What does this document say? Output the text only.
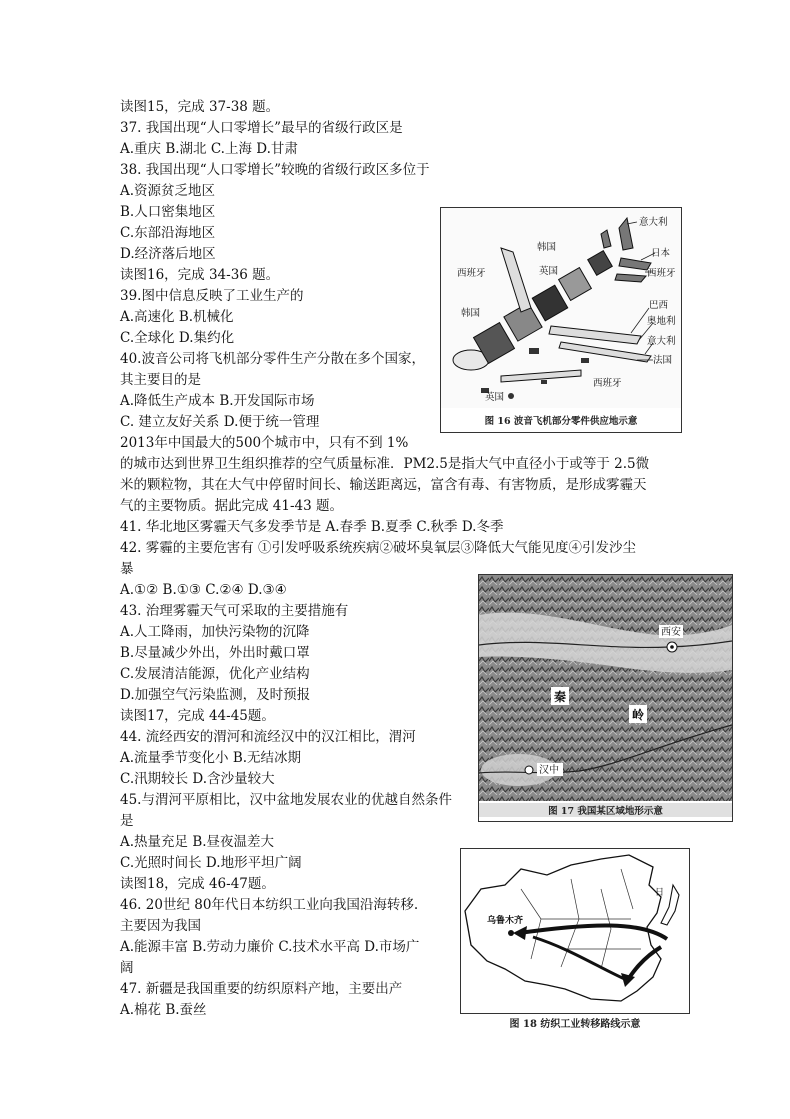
读图15，完成 37-38 题。
37. 我国出现“人口零增长”最早的省级行政区是
A.重庆 B.湖北 C.上海 D.甘肃
38. 我国出现“人口零增长”较晚的省级行政区多位于
A.资源贫乏地区
B.人口密集地区
C.东部沿海地区
D.经济落后地区
读图16，完成 34-36 题。
39.图中信息反映了工业生产的
A.高速化 B.机械化
C.全球化 D.集约化
40.波音公司将飞机部分零件生产分散在多个国家，
其主要目的是
A.降低生产成本 B.开发国际市场
C. 建立友好关系 D.便于统一管理
2013年中国最大的500个城市中，只有不到 1%
的城市达到世界卫生组织推荐的空气质量标准．PM2.5是指大气中直径小于或等于 2.5微
米的颗粒物，其在大气中停留时间长、输送距离远，富含有毒、有害物质，是形成雾霾天
气的主要物质。据此完成 41-43 题。
41. 华北地区雾霾天气多发季节是 A.春季 B.夏季 C.秋季 D.冬季
42. 雾霾的主要危害有 ①引发呼吸系统疾病②破坏臭氧层③降低大气能见度④引发沙尘
暴
A.①② B.①③ C.②④ D.③④
43. 治理雾霾天气可采取的主要措施有
A.人工降雨，加快污染物的沉降
B.尽量减少外出，外出时戴口罩
C.发展清洁能源，优化产业结构
D.加强空气污染监测，及时预报
读图17，完成 44-45题。
44. 流经西安的渭河和流经汉中的汉江相比，渭河
A.流量季节变化小 B.无结冰期
C.汛期较长 D.含沙量较大
45.与渭河平原相比，汉中盆地发展农业的优越自然条件
是
A.热量充足 B.昼夜温差大
C.光照时间长 D.地形平坦广阔
读图18，完成 46-47题。
46. 20世纪 80年代日本纺织工业向我国沿海转移.
主要因为我国
A.能源丰富 B.劳动力廉价 C.技术水平高 D.市场广
阔
47. 新疆是我国重要的纺织原料产地，主要出产
A.棉花 B.蚕丝
意大利
日本
西班牙
韩国
英国
西班牙
韩国
巴西
奥地利
意大利
法国
西班牙
英国
图 16 波音飞机部分零件供应地示意
西安
秦
岭
汉中
图 17 我国某区域地形示意
乌鲁木齐
日
图 18 纺织工业转移路线示意
